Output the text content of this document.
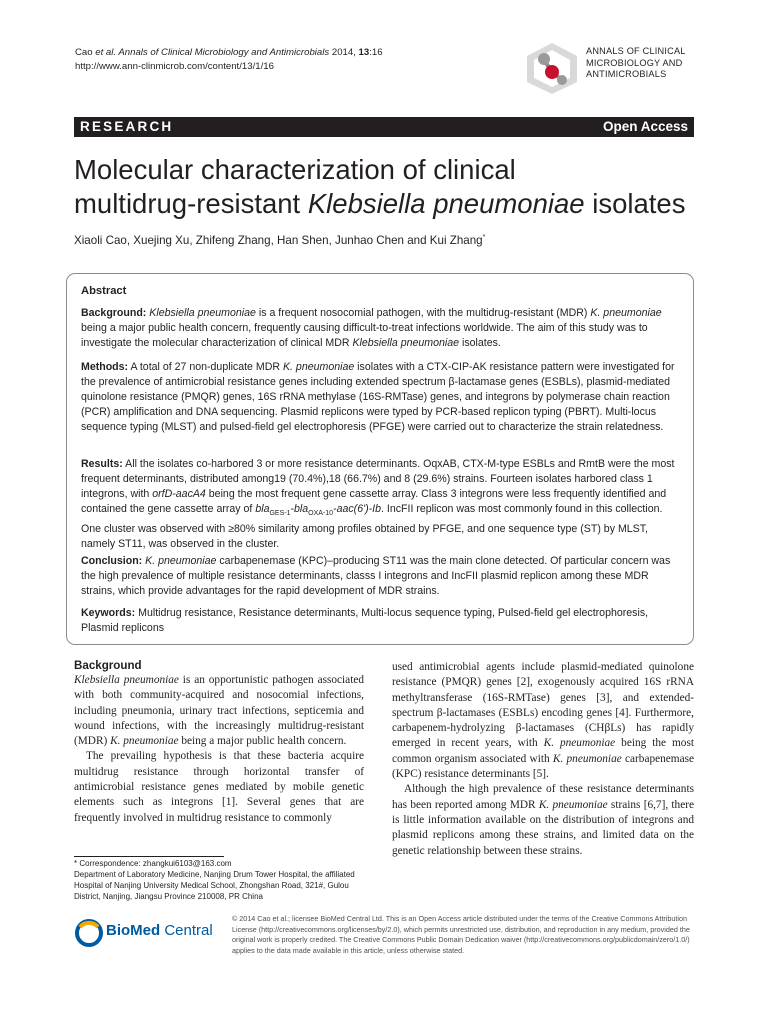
Cao et al. Annals of Clinical Microbiology and Antimicrobials 2014, 13:16
http://www.ann-clinmicrob.com/content/13/1/16
ANNALS OF CLINICAL
MICROBIOLOGY AND
ANTIMICROBIALS
RESEARCH	Open Access
Molecular characterization of clinical
multidrug-resistant Klebsiella pneumoniae isolates
Xiaoli Cao, Xuejing Xu, Zhifeng Zhang, Han Shen, Junhao Chen and Kui Zhang*
Abstract
Background: Klebsiella pneumoniae is a frequent nosocomial pathogen, with the multidrug-resistant (MDR) K. pneumoniae being a major public health concern, frequently causing difficult-to-treat infections worldwide. The aim of this study was to investigate the molecular characterization of clinical MDR Klebsiella pneumoniae isolates.
Methods: A total of 27 non-duplicate MDR K. pneumoniae isolates with a CTX-CIP-AK resistance pattern were investigated for the prevalence of antimicrobial resistance genes including extended spectrum β-lactamase genes (ESBLs), plasmid-mediated quinolone resistance (PMQR) genes, 16S rRNA methylase (16S-RMTase) genes, and integrons by polymerase chain reaction (PCR) amplification and DNA sequencing. Plasmid replicons were typed by PCR-based replicon typing (PBRT). Multi-locus sequence typing (MLST) and pulsed-field gel electrophoresis (PFGE) were carried out to characterize the strain relatedness.
Results: All the isolates co-harbored 3 or more resistance determinants. OqxAB, CTX-M-type ESBLs and RmtB were the most frequent determinants, distributed among19 (70.4%),18 (66.7%) and 8 (29.6%) strains. Fourteen isolates harbored class 1 integrons, with orfD-aacA4 being the most frequent gene cassette array. Class 3 integrons were less frequently identified and contained the gene cassette array of bla$_{GES-1}$-bla$_{OXA-10}$-aac(6')-Ib. IncFII replicon was most commonly found in this collection. One cluster was observed with ≥80% similarity among profiles obtained by PFGE, and one sequence type (ST) by MLST, namely ST11, was observed in the cluster.
Conclusion: K. pneumoniae carbapenemase (KPC)–producing ST11 was the main clone detected. Of particular concern was the high prevalence of multiple resistance determinants, classs I integrons and IncFII plasmid replicon among these MDR strains, which provide advantages for the rapid development of MDR strains.
Keywords: Multidrug resistance, Resistance determinants, Multi-locus sequence typing, Pulsed-field gel electrophoresis, Plasmid replicons
Background
Klebsiella pneumoniae is an opportunistic pathogen associated with both community-acquired and nosocomial infections, including pneumonia, urinary tract infections, septicemia and wound infections, with the increasingly multidrug-resistant (MDR) K. pneumoniae being a major public health concern.
The prevailing hypothesis is that these bacteria acquire multidrug resistance through horizontal transfer of antimicrobial resistance genes mediated by mobile genetic elements such as integrons [1]. Several genes that are frequently involved in multidrug resistance to commonly
used antimicrobial agents include plasmid-mediated quinolone resistance (PMQR) genes [2], exogenously acquired 16S rRNA methyltransferase (16S-RMTase) genes [3], and extended-spectrum β-lactamases (ESBLs) encoding genes [4]. Furthermore, carbapenem-hydrolyzing β-lactamases (CHβLs) has rapidly emerged in recent years, with K. pneumoniae being the most common organism associated with K. pneumoniae carbapenemase (KPC) resistance determinants [5].
Although the high prevalence of these resistance determinants has been reported among MDR K. pneumoniae strains [6,7], there is little information available on the distribution of integrons and plasmid replicons among these strains, and limited data on the genetic relationship between these strains.
* Correspondence: zhangkui6103@163.com
Department of Laboratory Medicine, Nanjing Drum Tower Hospital, the affiliated Hospital of Nanjing University Medical School, Zhongshan Road, 321#, Gulou District, Nanjing, Jiangsu Province 210008, PR China
BioMed Central
© 2014 Cao et al.; licensee BioMed Central Ltd. This is an Open Access article distributed under the terms of the Creative Commons Attribution License (http://creativecommons.org/licenses/by/2.0), which permits unrestricted use, distribution, and reproduction in any medium, provided the original work is properly credited. The Creative Commons Public Domain Dedication waiver (http://creativecommons.org/publicdomain/zero/1.0/) applies to the data made available in this article, unless otherwise stated.
